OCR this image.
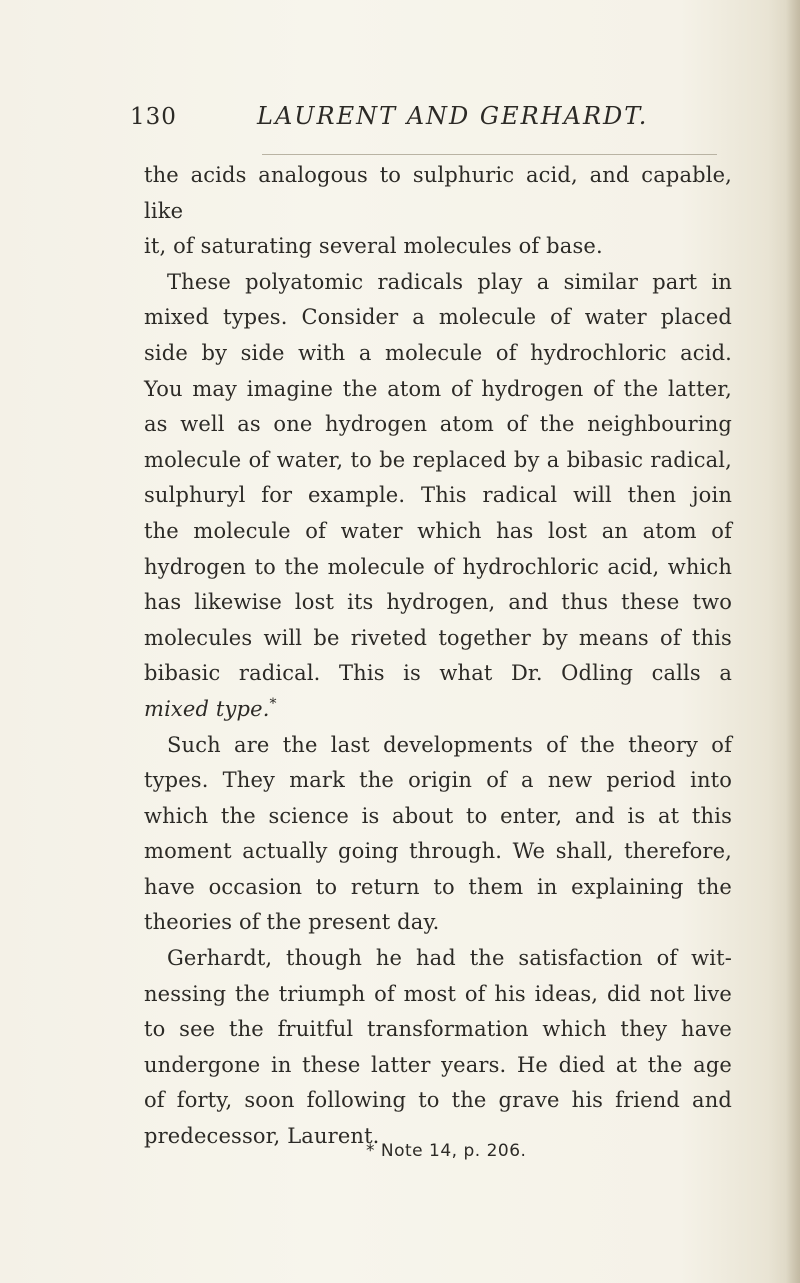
130	LAURENT AND GERHARDT.

the acids analogous to sulphuric acid, and capable, like

it, of saturating several molecules of base.

These polyatomic radicals play a similar part in

mixed types. Consider a molecule of water placed

side by side with a molecule of hydrochloric acid.

You may imagine the atom of hydrogen of the latter,

as well as one hydrogen atom of the neighbouring

molecule of water, to be replaced by a bibasic radical,

sulphuryl for example. This radical will then join

the molecule of water which has lost an atom of

hydrogen to the molecule of hydrochloric acid, which

has likewise lost its hydrogen, and thus these two

molecules will be riveted together by means of this

bibasic radical. This is what Dr. Odling calls a

mixed type.*

Such are the last developments of the theory of

types. They mark the origin of a new period into

which the science is about to enter, and is at this

moment actually going through. We shall, therefore,

have occasion to return to them in explaining the

theories of the present day.

Gerhardt, though he had the satisfaction of wit-

nessing the triumph of most of his ideas, did not live

to see the fruitful transformation which they have

undergone in these latter years. He died at the age

of forty, soon following to the grave his friend and

predecessor, Laurent.

* Note 14, p. 206.
